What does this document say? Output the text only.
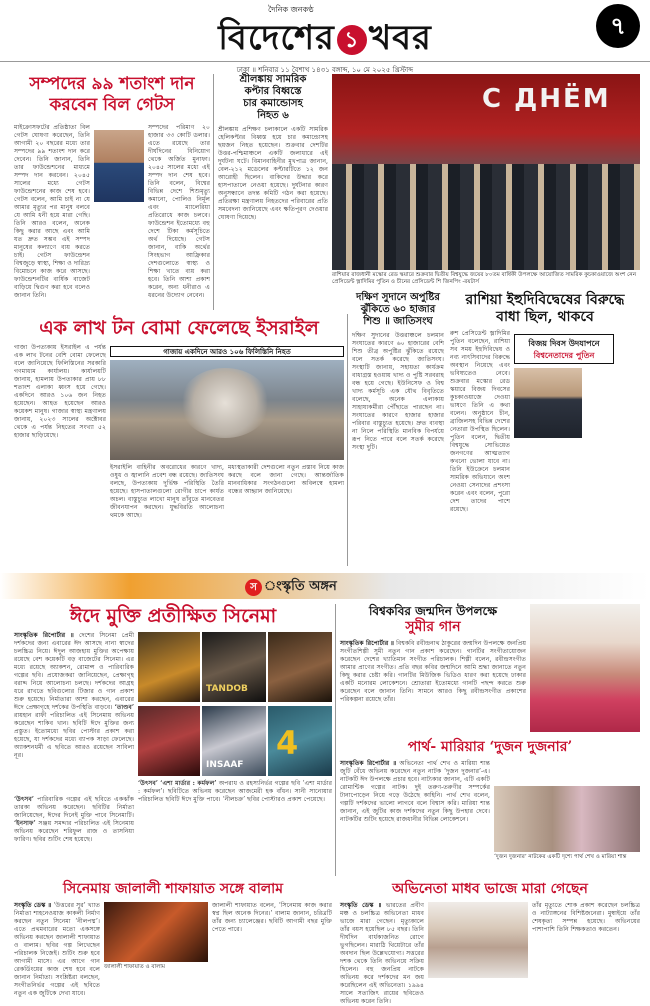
দৈনিক জনকণ্ঠ
বিদেশের ১ খবর	৭
ঢাকা ॥ শনিবার ১১ বৈশাখ ১৪৩১ বঙ্গাব্দ, ১০ মে ২০২৫ খ্রিস্টাব্দ
সম্পদের ৯৯ শতাংশ দান
করবেন বিল গেটস
মাইক্রোসফটের প্রতিষ্ঠাতা বিল গেটস ঘোষণা করেছেন, তিনি আগামী ২০ বছরের মধ্যে তার সম্পদের ৯৯ শতাংশ দান করে দেবেন। তিনি জানান, তিনি তার ফাউন্ডেশনের মাধ্যমে সম্পদ দান করবেন। ২০৪৫ সালের মধ্যে গেটস ফাউন্ডেশনের কাজ শেষ হবে। গেটস বলেন, আমি চাই না যে আমার মৃত্যুর পর মানুষ বলবে যে আমি ধনী হয়ে মারা গেছি। তিনি আরও বলেন, অনেক কিছু করার আছে এবং আমি যত দ্রুত সম্ভব এই সম্পদ মানুষের কল্যাণে ব্যয় করতে চাই। গেটস ফাউন্ডেশন বিশ্বজুড়ে স্বাস্থ্য, শিক্ষা ও দারিদ্র্য বিমোচনে কাজ করে আসছে। ফাউন্ডেশনটির বার্ষিক বাজেট বাড়িয়ে দ্বিগুণ করা হবে বলেও জানান তিনি।
সম্পদের পরিমাণ ২০ হাজার ৩৩ কোটি ডলার। এতে রয়েছে তার দীর্ঘদিনের বিনিয়োগ থেকে অর্জিত মুনাফা। ২০৪৫ সালের মধ্যে এই সম্পদ দান শেষ হবে। তিনি বলেন, বিশ্বের বিভিন্ন দেশে শিশুমৃত্যু কমানো, পোলিও নির্মূল এবং ম্যালেরিয়া প্রতিরোধে কাজ চলবে। ফাউন্ডেশন ইতোমধ্যে বহু দেশে টিকা কর্মসূচিতে অর্থ দিয়েছে। গেটস জানান, বাকি অর্থের সিংহভাগ আফ্রিকার দেশগুলোতে স্বাস্থ্য ও শিক্ষা খাতে ব্যয় করা হবে। তিনি আশা প্রকাশ করেন, অন্য ধনীরাও এ ধরনের উদ্যোগ নেবেন।
শ্রীলঙ্কায় সামরিক
কপ্টার বিধ্বস্তে
চার কমান্ডোসহ
নিহত ৬
শ্রীলঙ্কায় প্রশিক্ষণ চলাকালে একটি সামরিক হেলিকপ্টার বিধ্বস্ত হয়ে চার কমান্ডোসহ ছয়জন নিহত হয়েছেন। শুক্রবার দেশটির উত্তর-পশ্চিমাঞ্চলে একটি জলাধারে এই দুর্ঘটনা ঘটে। বিমানবাহিনীর মুখপাত্র জানান, বেল-২১২ মডেলের কপ্টারটিতে ১২ জন আরোহী ছিলেন। বাকিদের উদ্ধার করে হাসপাতালে নেওয়া হয়েছে। দুর্ঘটনার কারণ অনুসন্ধানে তদন্ত কমিটি গঠন করা হয়েছে। প্রতিরক্ষা মন্ত্রণালয় নিহতদের পরিবারের প্রতি সমবেদনা জানিয়েছে এবং ক্ষতিপূরণ দেওয়ার ঘোষণা দিয়েছে।
С ДНЁМ
রাশিয়ার রাজধানী মস্কোর রেড স্কয়ারে শুক্রবার দ্বিতীয় বিশ্বযুদ্ধে জয়ের ৮০তম বার্ষিকী উপলক্ষে আয়োজিত সামরিক কুচকাওয়াজে অংশ নেন প্রেসিডেন্ট ভ্লাদিমির পুতিন ও চীনের প্রেসিডেন্ট শি জিনপিং -রয়টার্স
এক লাখ টন বোমা ফেলেছে ইসরাইল
গাজা উপত্যকায় ইসরাইল এ পর্যন্ত এক লাখ টনের বেশি বোমা ফেলেছে বলে জানিয়েছে ফিলিস্তিনের সরকারি গণমাধ্যম কার্যালয়। কার্যালয়টি জানায়, হামলায় উপত্যকার প্রায় ৮৮ শতাংশ এলাকা ধ্বংস হয়ে গেছে। একদিনে আরও ১০৬ জন নিহত হয়েছেন। আহত হয়েছেন আরও কয়েকশ মানুষ। গাজার স্বাস্থ্য মন্ত্রণালয় জানায়, ২০২৩ সালের অক্টোবর থেকে এ পর্যন্ত নিহতের সংখ্যা ৫২ হাজার ছাড়িয়েছে।
গাজায় একদিনে আরও ১০৬ ফিলিস্তিনি নিহত
ইসরাইলি বাহিনীর অবরোধের কারণে খাদ্য, ওষুধ ও জ্বালানি প্রবেশ বন্ধ রয়েছে। জাতিসংঘ বলছে, উপত্যকায় দুর্ভিক্ষ পরিস্থিতি তৈরি হয়েছে। হাসপাতালগুলো রোগীর চাপে কার্যত অচল। বাস্তুচ্যুত লাখো মানুষ তাঁবুতে মানবেতর জীবনযাপন করছেন। যুদ্ধবিরতি আলোচনা থমকে আছে।
মধ্যস্থতাকারী দেশগুলো নতুন প্রস্তাব নিয়ে কাজ করছে বলে জানা গেছে। আন্তর্জাতিক মানবাধিকার সংগঠনগুলো অবিলম্বে হামলা বন্ধের আহ্বান জানিয়েছে।
দক্ষিণ সুদানে অপুষ্টির
ঝুঁকিতে ৬০ হাজার
শিশু ॥ জাতিসংঘ
দক্ষিণ সুদানের উত্তরাঞ্চলে চলমান সংঘাতের কারণে ৬০ হাজারের বেশি শিশু তীব্র অপুষ্টির ঝুঁকিতে রয়েছে বলে সতর্ক করেছে জাতিসংঘ। সংস্থাটি জানায়, সহায়তা কার্যক্রম বাধাগ্রস্ত হওয়ায় খাদ্য ও পুষ্টি সরবরাহ বন্ধ হয়ে গেছে। ইউনিসেফ ও বিশ্ব খাদ্য কর্মসূচি এক যৌথ বিবৃতিতে বলেছে, অনেক এলাকায় সাহায্যকর্মীরা পৌঁছাতে পারছেন না। সংঘাতের কারণে হাজার হাজার পরিবার বাস্তুচ্যুত হয়েছে। দ্রুত ব্যবস্থা না নিলে পরিস্থিতি মানবিক বিপর্যয়ে রূপ নিতে পারে বলে সতর্ক করেছে সংস্থা দুটি।
রাশিয়া ইহুদিবিদ্বেষের বিরুদ্ধে
বাধা ছিল, থাকবে
রুশ প্রেসিডেন্ট ভ্লাদিমির পুতিন বলেছেন, রাশিয়া সব সময় ইহুদিবিদ্বেষ ও নব্য নাৎসিবাদের বিরুদ্ধে অবস্থান নিয়েছে এবং ভবিষ্যতেও নেবে। শুক্রবার মস্কোর রেড স্কয়ারে বিজয় দিবসের কুচকাওয়াজে দেওয়া ভাষণে তিনি এ কথা বলেন। অনুষ্ঠানে চীন, ব্রাজিলসহ বিভিন্ন দেশের নেতারা উপস্থিত ছিলেন। পুতিন বলেন, দ্বিতীয় বিশ্বযুদ্ধে সোভিয়েত জনগণের আত্মত্যাগ কখনো ভোলা যাবে না। তিনি ইউক্রেনে চলমান সামরিক অভিযানে অংশ নেওয়া সেনাদের প্রশংসা করেন এবং বলেন, পুরো দেশ তাদের পাশে রয়েছে।
বিজয় দিবস উদযাপনে
বিশ্বনেতাদের পুতিন
স ংস্কৃতি অঙ্গন
ঈদে মুক্তি প্রতীক্ষিত সিনেমা
সাংস্কৃতিক রিপোর্টার ॥ দেশের সিনেমা প্রেমী দর্শকদের জন্য এবারের ঈদ আসছে নানা স্বাদের চলচ্চিত্র নিয়ে। ঈদুল আজহায় মুক্তির অপেক্ষায় রয়েছে বেশ কয়েকটি বড় বাজেটের সিনেমা। এর মধ্যে রয়েছে অ্যাকশন, রোমান্স ও পারিবারিক গল্পের ছবি। প্রযোজকরা জানিয়েছেন, প্রেক্ষাগৃহ বরাদ্দ নিয়ে আলোচনা চলছে। দর্শকদের আগ্রহ ধরে রাখতে ছবিগুলোর টিজার ও গান প্রকাশ শুরু হয়েছে। নির্মাতারা আশা করছেন, এবারের ঈদে প্রেক্ষাগৃহে দর্শকের উপস্থিতি বাড়বে। ‘তাণ্ডব’ রায়হান রাফী পরিচালিত এই সিনেমায় অভিনয় করেছেন শাকিব খান। ছবিটি ঈদে মুক্তির জন্য প্রস্তুত। ইতোমধ্যে ছবির পোস্টার প্রকাশ করা হয়েছে, যা দর্শকদের মধ্যে ব্যাপক সাড়া ফেলেছে। অ্যাকশনধর্মী এ ছবিতে আরও রয়েছেন সাবিলা নূর।
‘উৎসব’ পারিবারিক গল্পের এই ছবিতে একঝাঁক তারকা অভিনয় করেছেন। ছবিটির নির্মাতা জানিয়েছেন, ঈদের দিনেই মুক্তি পাবে সিনেমাটি। ‘ইনসাফ’ সঞ্জয় সমদ্দার পরিচালিত এই সিনেমায় অভিনয় করেছেন শরিফুল রাজ ও তাসনিয়া ফারিণ। ছবির শুটিং শেষ হয়েছে।
TANDOB
INSAAF
4
‘উৎসব’ ‘এশা মার্ডার : কর্মফল’ অপরাধ ও রহস্যনির্ভর গল্পের ছবি ‘এশা মার্ডার : কর্মফল’। ছবিটিতে অভিনয় করেছেন আজমেরী হক বাঁধন। সানী সানোয়ার পরিচালিত ছবিটি ঈদে মুক্তি পাবে। ‘নীলচক্র’ ছবির পোস্টারও প্রকাশ পেয়েছে।
বিশ্বকবির জন্মদিন উপলক্ষে
সুমীর গান
সাংস্কৃতিক রিপোর্টার ॥ বিশ্বকবি রবীন্দ্রনাথ ঠাকুরের জন্মদিন উপলক্ষে জনপ্রিয় সংগীতশিল্পী সুমী নতুন গান প্রকাশ করেছেন। গানটির সংগীতায়োজন করেছেন দেশের খ্যাতিমান সংগীত পরিচালক। শিল্পী বলেন, রবীন্দ্রসংগীত আমার প্রাণের সংগীত। প্রতি বছর কবির জন্মদিনে আমি শ্রদ্ধা জানাতে নতুন কিছু করার চেষ্টা করি। গানটির মিউজিক ভিডিও ধারণ করা হয়েছে ঢাকার একটি মনোরম লোকেশনে। শ্রোতারা ইতোমধ্যে গানটি পছন্দ করতে শুরু করেছেন বলে জানান তিনি। সামনে আরও কিছু রবীন্দ্রসংগীত প্রকাশের পরিকল্পনা রয়েছে তাঁর।
পার্থ- মারিয়ার ‘দুজন দুজনার’
সাংস্কৃতিক রিপোর্টার ॥ অভিনেতা পার্থ শেখ ও মারিয়া শান্ত জুটি বেঁধে অভিনয় করেছেন নতুন নাটক ‘দুজন দুজনার’-এ। নাটকটি ঈদ উপলক্ষে প্রচার হবে। নাট্যকার জানান, এটি একটি রোমান্টিক গল্পের নাটক। দুই তরুণ-তরুণীর সম্পর্কের টানাপোড়েন নিয়ে গড়ে উঠেছে কাহিনি। পার্থ শেখ বলেন, গল্পটি দর্শকদের ভালো লাগবে বলে বিশ্বাস করি। মারিয়া শান্ত জানান, এই জুটির কাজ দর্শকদের নতুন কিছু উপহার দেবে। নাটকটির শুটিং হয়েছে রাজধানীর বিভিন্ন লোকেশনে।
‘দুজন দুজনার’ নাটকের একটি দৃশ্যে পার্থ শেখ ও মারিয়া শান্ত
সিনেমায় জালালী শাফায়াত সঙ্গে বালাম
সংস্কৃতি ডেস্ক ॥ ‘উত্তরের সুর’ খ্যাত নির্মাতা শাহনেওয়াজ কাকলী নির্মাণ করছেন নতুন সিনেমা ‘নীলপদ্ম’। এতে প্রথমবারের মতো একসঙ্গে অভিনয় করছেন জালালী শাফায়াত ও বালাম। ছবির গল্প লিখেছেন পরিচালক নিজেই। শুটিং শুরু হবে আগামী মাসে। এর আগে গান রেকর্ডিংয়ের কাজ শেষ হবে বলে জানান নির্মাতা। সংশ্লিষ্টরা বলছেন, সংগীতনির্ভর গল্পের এই ছবিতে নতুন এক জুটিকে দেখা যাবে।
জালালী শাফায়াত ও বালাম
জালালী শাফায়াত বলেন, ‘সিনেমায় কাজ করার স্বপ্ন ছিল অনেক দিনের।’ বালাম জানান, চরিত্রটি তাঁর জন্য চ্যালেঞ্জের। ছবিটি আগামী বছর মুক্তি পেতে পারে।
অভিনেতা মাধব ভাজে মারা গেছেন
সংস্কৃতি ডেস্ক ॥ ভারতের প্রবীণ মঞ্চ ও চলচ্চিত্র অভিনেতা মাধব ভাজে মারা গেছেন। মৃত্যুকালে তাঁর বয়স হয়েছিল ৮৫ বছর। তিনি দীর্ঘদিন বার্ধক্যজনিত রোগে ভুগছিলেন। মারাঠি থিয়েটারে তাঁর অবদান ছিল উল্লেখযোগ্য। সত্তরের দশক থেকে তিনি অভিনয়ে সক্রিয় ছিলেন। বহু জনপ্রিয় নাটকে অভিনয় করে দর্শকদের মন জয় করেছিলেন এই অভিনেতা। ১৯৯৪ সালে সত্যজিৎ রায়ের ছবিতেও অভিনয় করেন তিনি।
তাঁর মৃত্যুতে শোক প্রকাশ করেছেন চলচ্চিত্র ও নাট্যাঙ্গনের বিশিষ্টজনেরা। মুম্বাইয়ে তাঁর শেষকৃত্য সম্পন্ন হয়েছে। অভিনয়ের পাশাপাশি তিনি শিক্ষকতাও করতেন।
